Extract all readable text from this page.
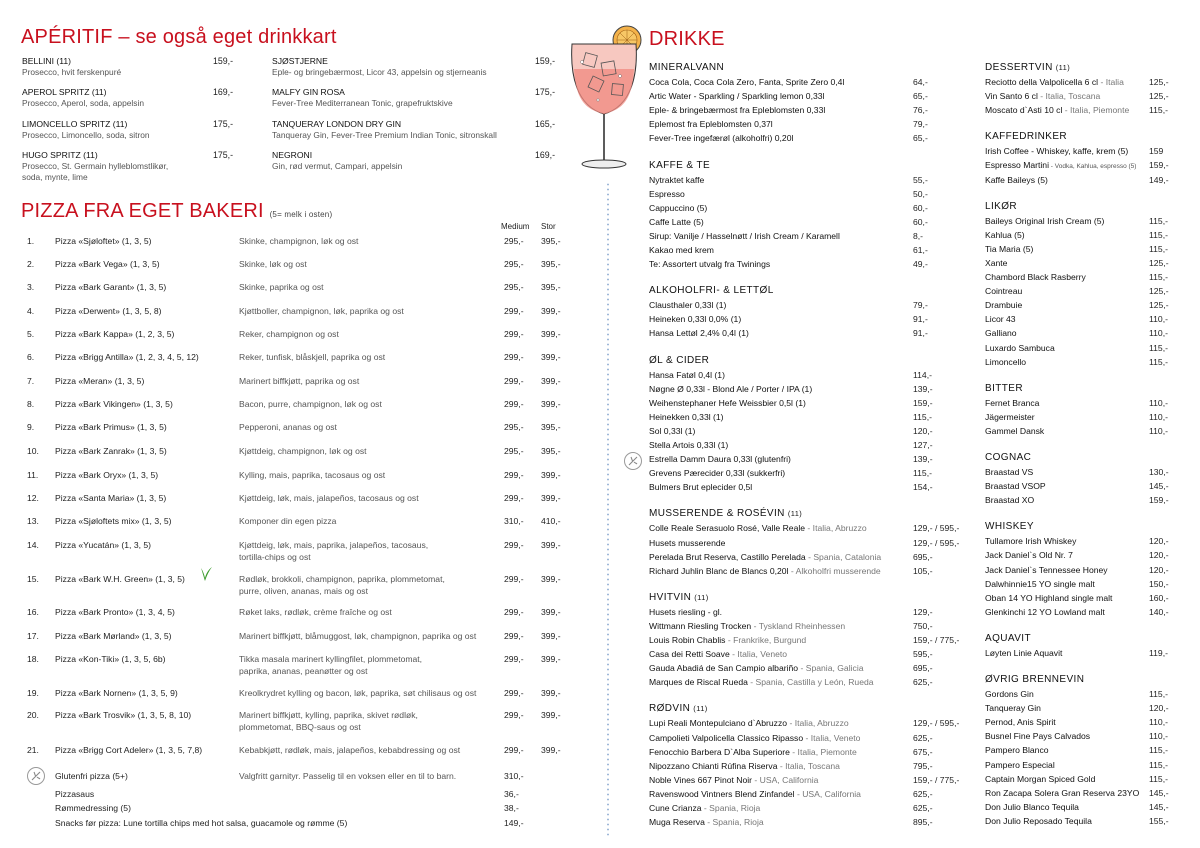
APÉRITIF – se også eget drinkkart
BELLINI (11)
Prosecco, hvit ferskenpuré
159,-
APEROL SPRITZ (11)
Prosecco, Aperol, soda, appelsin
169,-
LIMONCELLO SPRITZ (11)
Prosecco, Limoncello, soda, sitron
175,-
HUGO SPRITZ (11)
Prosecco, St. Germain hylleblomstlikør,
soda, mynte, lime
175,-
SJØSTJERNE
Eple- og bringebærmost, Licor 43, appelsin og stjerneanis
159,-
MALFY GIN ROSA
Fever-Tree Mediterranean Tonic, grapefruktskive
175,-
TANQUERAY LONDON DRY GIN
Tanqueray Gin, Fever-Tree Premium Indian Tonic, sitronskall
165,-
NEGRONI
Gin, rød vermut, Campari, appelsin
169,-
PIZZA FRA EGET BAKERI (5= melk i osten)
Medium Stor
1. Pizza «Sjøloftet» (1, 3, 5)	Skinke, champignon, løk og ost	295,- 395,-
2. Pizza «Bark Vega» (1, 3, 5)	Skinke, løk og ost	295,- 395,-
3. Pizza «Bark Garant» (1, 3, 5)	Skinke, paprika og ost	295,- 395,-
4. Pizza «Derwent» (1, 3, 5, 8)	Kjøttboller, champignon, løk, paprika og ost	299,- 399,-
5. Pizza «Bark Kappa» (1, 2, 3, 5)	Reker, champignon og ost	299,- 399,-
6. Pizza «Brigg Antilla» (1, 2, 3, 4, 5, 12)	Reker, tunfisk, blåskjell, paprika og ost	299,- 399,-
7. Pizza «Meran» (1, 3, 5)	Marinert biffkjøtt, paprika og ost	299,- 399,-
8. Pizza «Bark Vikingen» (1, 3, 5)	Bacon, purre, champignon, løk og ost	299,- 399,-
9. Pizza «Bark Primus» (1, 3, 5)	Pepperoni, ananas og ost	295,- 395,-
10. Pizza «Bark Zanrak» (1, 3, 5)	Kjøttdeig, champignon, løk og ost	295,- 395,-
11. Pizza «Bark Oryx» (1, 3, 5)	Kylling, mais, paprika, tacosaus og ost	299,- 399,-
12. Pizza «Santa Maria» (1, 3, 5)	Kjøttdeig, løk, mais, jalapeños, tacosaus og ost	299,- 399,-
13. Pizza «Sjøloftets mix» (1, 3, 5)	Komponer din egen pizza	310,- 410,-
14. Pizza «Yucatán» (1, 3, 5)	Kjøttdeig, løk, mais, paprika, jalapeños, tacosaus,
tortilla-chips og ost
299,- 399,-
15. Pizza «Bark W.H. Green» (1, 3, 5)	Rødløk, brokkoli, champignon, paprika, plommetomat,
purre, oliven, ananas, mais og ost
299,- 399,-
16. Pizza «Bark Pronto» (1, 3, 4, 5)	Røket laks, rødløk, crème fraîche og ost	299,- 399,-
17. Pizza «Bark Mørland» (1, 3, 5)	Marinert biffkjøtt, blåmuggost, løk, champignon, paprika og ost	299,- 399,-
18. Pizza «Kon-Tiki» (1, 3, 5, 6b)	Tikka masala marinert kyllingfilet, plommetomat,
paprika, ananas, peanøtter og ost
299,- 399,-
19. Pizza «Bark Nornen» (1, 3, 5, 9)	Kreolkrydret kylling og bacon, løk, paprika, søt chilisaus og ost	299,- 399,-
20. Pizza «Bark Trosvik» (1, 3, 5, 8, 10)	Marinert biffkjøtt, kylling, paprika, skivet rødløk,
plommetomat, BBQ-saus og ost
299,- 399,-
21. Pizza «Brigg Cort Adeler» (1, 3, 5, 7,8)	Kebabkjøtt, rødløk, mais, jalapeños, kebabdressing og ost	299,- 399,-
Glutenfri pizza (5+)	Valgfritt garnityr. Passelig til en voksen eller en til to barn.	310,-
Pizzasaus	36,-
Rømmedressing (5)	38,-
Snacks før pizza: Lune tortilla chips med hot salsa, guacamole og rømme (5)	149,-
DRIKKE
MINERALVANN
Coca Cola, Coca Cola Zero, Fanta, Sprite Zero 0,4l	64,-
Artic Water - Sparkling / Sparkling lemon 0,33l	65,-
Eple- & bringebærmost fra Epleblomsten 0,33l	76,-
Eplemost fra Epleblomsten 0,37l	79,-
Fever-Tree ingefærøl (alkoholfri) 0,20l	65,-
KAFFE & TE
Nytraktet kaffe	55,-
Espresso	50,-
Cappuccino (5)	60,-
Caffe Latte (5)	60,-
Sirup: Vanilje / Hasselnøtt / Irish Cream / Karamell	8,-
Kakao med krem	61,-
Te: Assortert utvalg fra Twinings	49,-
ALKOHOLFRI- & LETTØL
Clausthaler 0,33l (1)	79,-
Heineken 0,33l 0,0% (1)	91,-
Hansa Lettøl 2,4% 0,4l (1)	91,-
ØL & CIDER
Hansa Fatøl 0,4l (1)	114,-
Nøgne Ø 0,33l - Blond Ale / Porter / IPA (1)	139,-
Weihenstephaner Hefe Weissbier 0,5l (1)	159,-
Heinekken 0,33l (1)	115,-
Sol 0,33l (1)	120,-
Stella Artois 0,33l (1)	127,-
Estrella Damm Daura 0,33l (glutenfri)	139,-
Grevens Pærecider 0,33l (sukkerfri)	115,-
Bulmers Brut eplecider 0,5l	154,-
MUSSERENDE & ROSÉVIN (11)
Colle Reale Serasuolo Rosé, Valle Reale - Italia, Abruzzo	129,- / 595,-
Husets musserende	129,- / 595,-
Perelada Brut Reserva, Castillo Perelada - Spania, Catalonia	695,-
Richard Juhlin Blanc de Blancs 0,20l - Alkoholfri musserende	105,-
HVITVIN (11)
Husets riesling - gl.	129,-
Wittmann Riesling Trocken - Tyskland Rheinhessen	750,-
Louis Robin Chablis - Frankrike, Burgund	159,- / 775,-
Casa dei Retti Soave - Italia, Veneto	595,-
Gauda Abadiá de San Campio albariño - Spania, Galicia	695,-
Marques de Riscal Rueda - Spania, Castilla y León, Rueda	625,-
RØDVIN (11)
Lupi Reali Montepulciano d`Abruzzo - Italia, Abruzzo	129,- / 595,-
Campolieti Valpolicella Classico Ripasso - Italia, Veneto	625,-
Fenocchio Barbera D`Alba Superiore - Italia, Piemonte	675,-
Nipozzano Chianti Rúfina Riserva - Italia, Toscana	795,-
Noble Vines 667 Pinot Noir - USA, California	159,- / 775,-
Ravenswood Vintners Blend Zinfandel - USA, California	625,-
Cune Crianza - Spania, Rioja	625,-
Muga Reserva - Spania, Rioja	895,-
DESSERTVIN (11)
Reciotto della Valpolicella 6 cl - Italia	125,-
Vin Santo 6 cl - Italia, Toscana	125,-
Moscato d`Asti 10 cl - Italia, Piemonte 115,-
KAFFEDRINKER
Irish Coffee - Whiskey, kaffe, krem (5) 159
Espresso Martini - Vodka, Kahlua, espresso (5) 159,-
Kaffe Baileys (5)	149,-
LIKØR
Baileys Original Irish Cream (5)	115,-
Kahlua (5)	115,-
Tia Maria (5)	115,-
Xante	125,-
Chambord Black Rasberry	115,-
Cointreau	125,-
Drambuie	125,-
Licor 43	110,-
Galliano	110,-
Luxardo Sambuca	115,-
Limoncello	115,-
BITTER
Fernet Branca	110,-
Jägermeister	110,-
Gammel Dansk	110,-
COGNAC
Braastad VS	130,-
Braastad VSOP	145,-
Braastad XO	159,-
WHISKEY
Tullamore Irish Whiskey	120,-
Jack Daniel`s Old Nr. 7	120,-
Jack Daniel`s Tennessee Honey	120,-
Dalwhinnie15 YO single malt	150,-
Oban 14 YO Highland single malt	160,-
Glenkinchi 12 YO Lowland malt	140,-
AQUAVIT
Løyten Linie Aquavit	119,-
ØVRIG BRENNEVIN
Gordons Gin	115,-
Tanqueray Gin	120,-
Pernod, Anis Spirit	110,-
Busnel Fine Pays Calvados	110,-
Pampero Blanco	115,-
Pampero Especial	115,-
Captain Morgan Spiced Gold	115,-
Ron Zacapa Solera Gran Reserva 23YO 145,-
Don Julio Blanco Tequila	145,-
Don Julio Reposado Tequila	155,-
